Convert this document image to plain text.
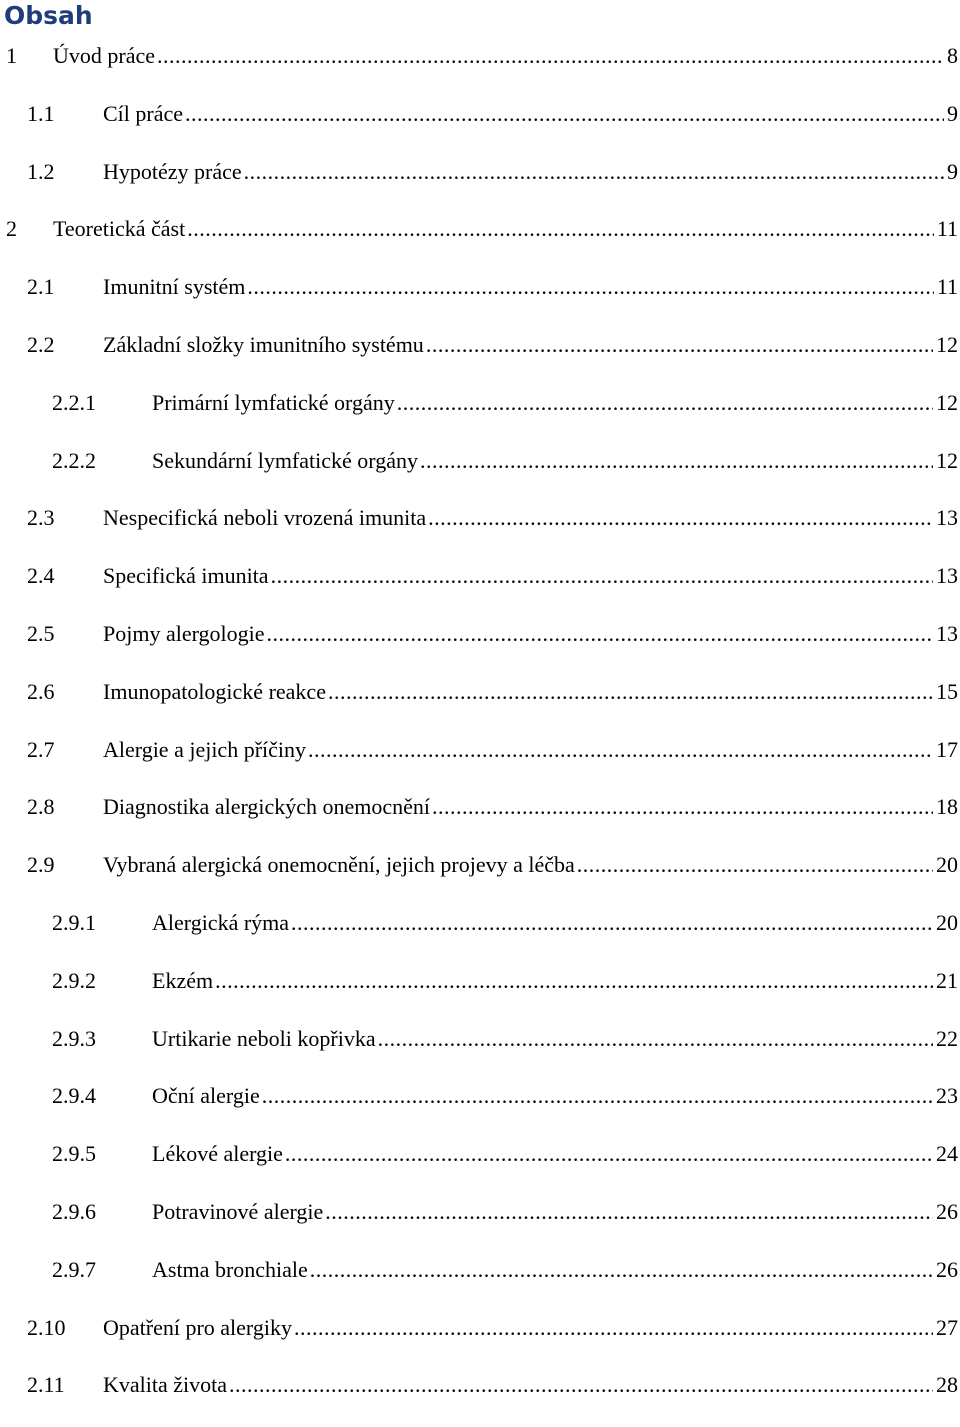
Obsah
1 Úvod práce .....	8
1.1 Cíl práce .....	9
1.2 Hypotézy práce .....	9
2 Teoretická část .....	11
2.1 Imunitní systém .....	11
2.2 Základní složky imunitního systému .....	12
2.2.1	Primární lymfatické orgány .....	12
2.2.2	Sekundární lymfatické orgány .....	12
2.3 Nespecifická neboli vrozená imunita .....	13
2.4 Specifická imunita .....	13
2.5 Pojmy alergologie .....	13
2.6 Imunopatologické reakce .....	15
2.7 Alergie a jejich příčiny .....	17
2.8 Diagnostika alergických onemocnění .....	18
2.9 Vybraná alergická onemocnění, jejich projevy a léčba .....	20
2.9.1	Alergická rýma .....	20
2.9.2	Ekzém .....	21
2.9.3	Urtikarie neboli kopřivka .....	22
2.9.4	Oční alergie .....	23
2.9.5	Lékové alergie .....	24
2.9.6	Potravinové alergie .....	26
2.9.7	Astma bronchiale .....	26
2.10 Opatření pro alergiky .....	27
2.11 Kvalita života .....	28
